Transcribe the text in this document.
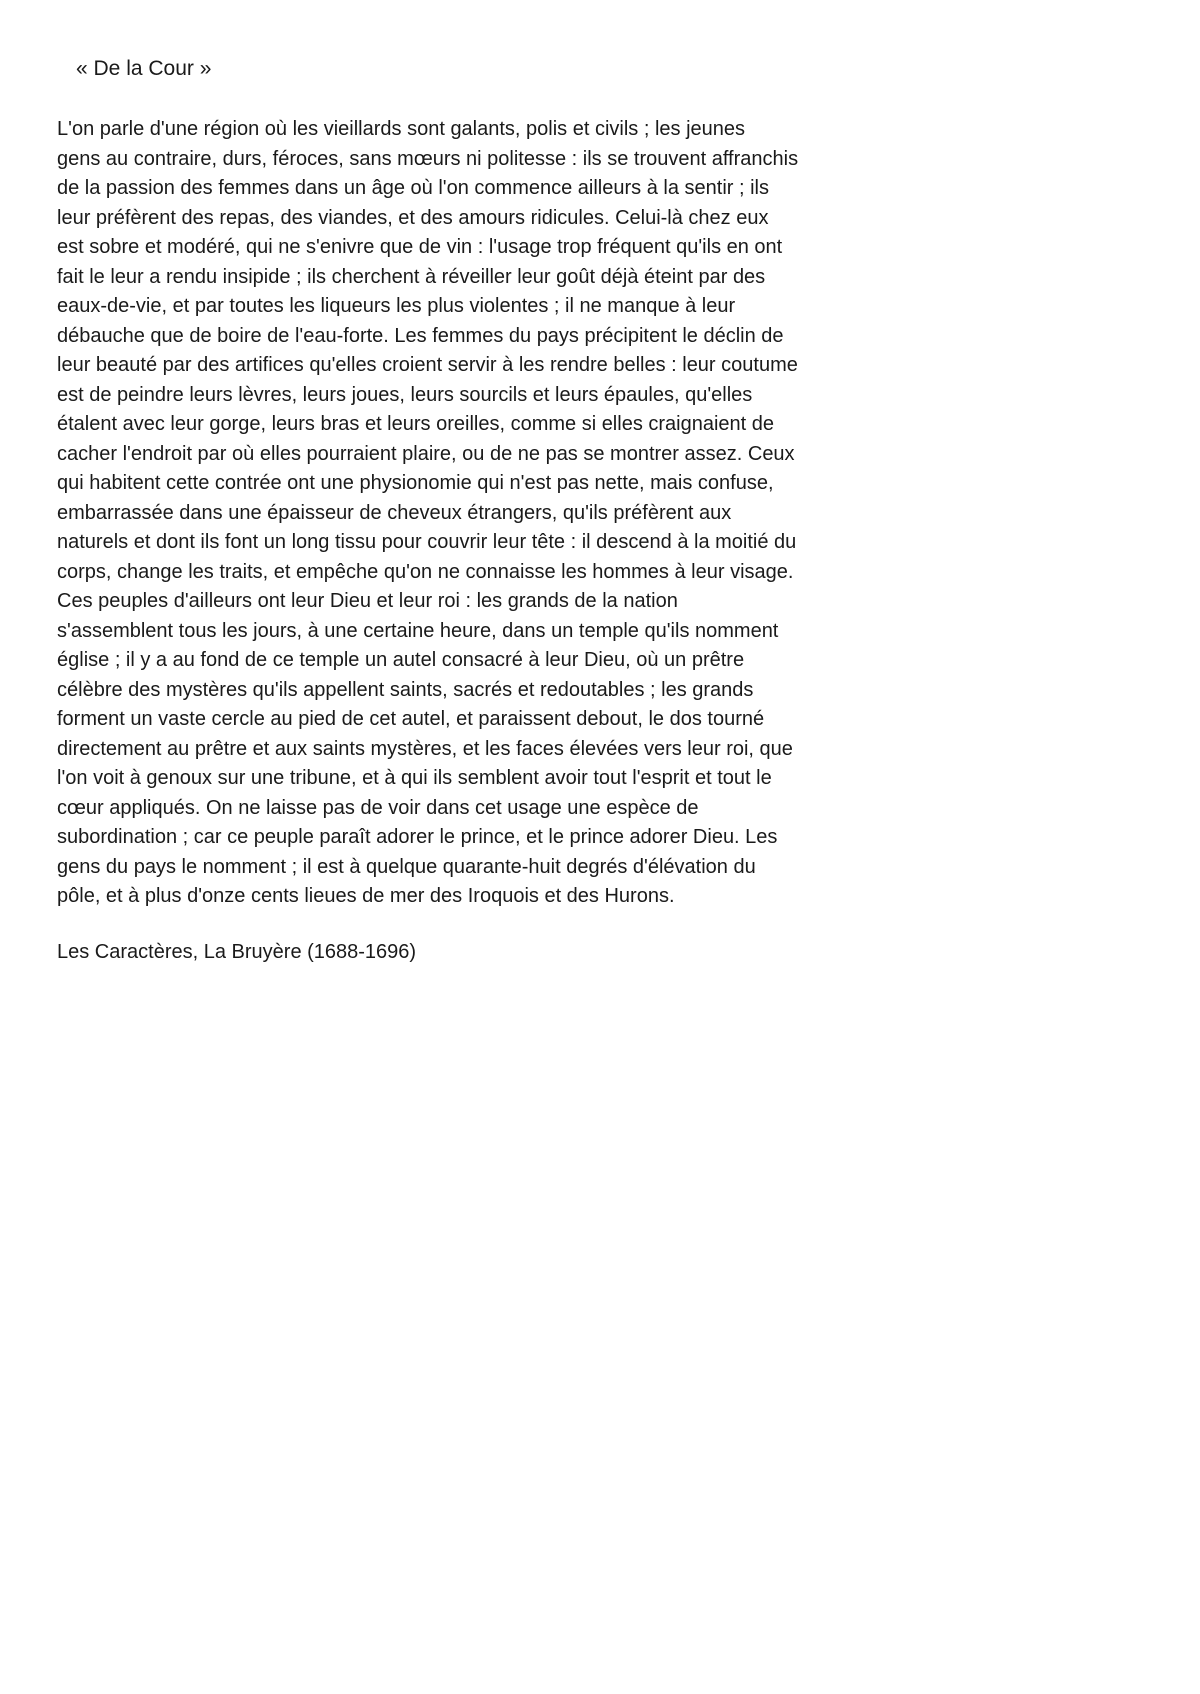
« De la Cour »
L'on parle d'une région où les vieillards sont galants, polis et civils ; les jeunes
gens au contraire, durs, féroces, sans mœurs ni politesse : ils se trouvent affranchis
de la passion des femmes dans un âge où l'on commence ailleurs à la sentir ; ils
leur préfèrent des repas, des viandes, et des amours ridicules. Celui-là chez eux
est sobre et modéré, qui ne s'enivre que de vin : l'usage trop fréquent qu'ils en ont
fait le leur a rendu insipide ; ils cherchent à réveiller leur goût déjà éteint par des
eaux-de-vie, et par toutes les liqueurs les plus violentes ; il ne manque à leur
débauche que de boire de l'eau-forte. Les femmes du pays précipitent le déclin de
leur beauté par des artifices qu'elles croient servir à les rendre belles : leur coutume
est de peindre leurs lèvres, leurs joues, leurs sourcils et leurs épaules, qu'elles
étalent avec leur gorge, leurs bras et leurs oreilles, comme si elles craignaient de
cacher l'endroit par où elles pourraient plaire, ou de ne pas se montrer assez. Ceux
qui habitent cette contrée ont une physionomie qui n'est pas nette, mais confuse,
embarrassée dans une épaisseur de cheveux étrangers, qu'ils préfèrent aux
naturels et dont ils font un long tissu pour couvrir leur tête : il descend à la moitié du
corps, change les traits, et empêche qu'on ne connaisse les hommes à leur visage.
Ces peuples d'ailleurs ont leur Dieu et leur roi : les grands de la nation
s'assemblent tous les jours, à une certaine heure, dans un temple qu'ils nomment
église ; il y a au fond de ce temple un autel consacré à leur Dieu, où un prêtre
célèbre des mystères qu'ils appellent saints, sacrés et redoutables ; les grands
forment un vaste cercle au pied de cet autel, et paraissent debout, le dos tourné
directement au prêtre et aux saints mystères, et les faces élevées vers leur roi, que
l'on voit à genoux sur une tribune, et à qui ils semblent avoir tout l'esprit et tout le
cœur appliqués. On ne laisse pas de voir dans cet usage une espèce de
subordination ; car ce peuple paraît adorer le prince, et le prince adorer Dieu. Les
gens du pays le nomment ; il est à quelque quarante-huit degrés d'élévation du
pôle, et à plus d'onze cents lieues de mer des Iroquois et des Hurons.
Les Caractères, La Bruyère (1688-1696)
